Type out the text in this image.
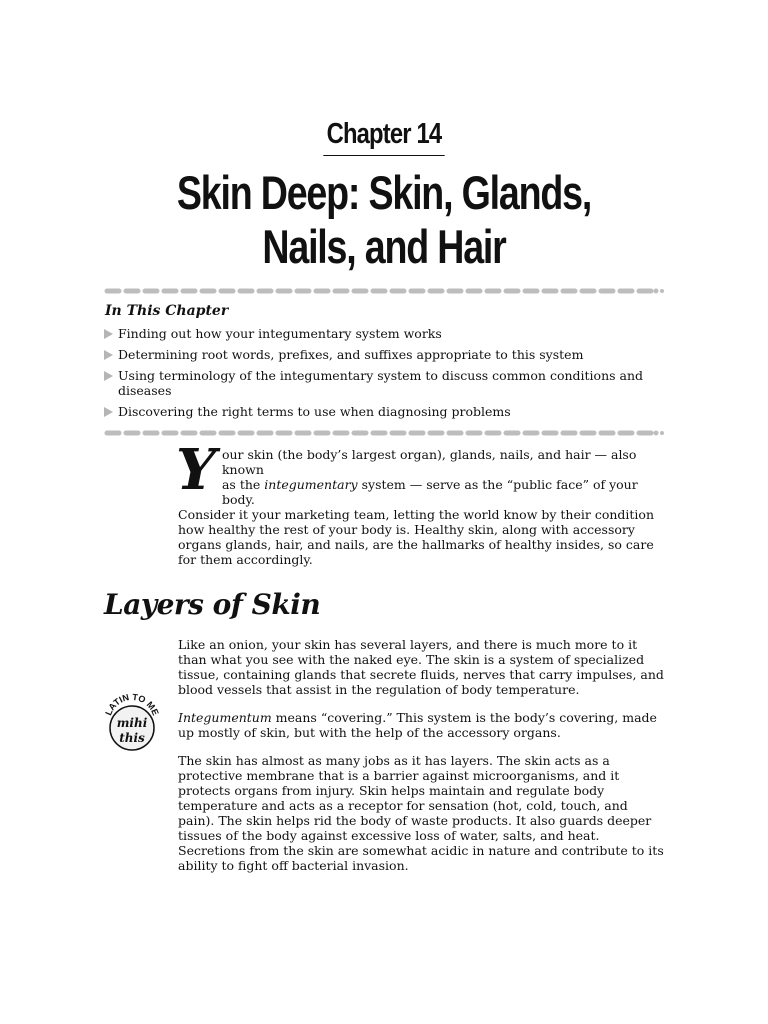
Chapter 14
Skin Deep: Skin, Glands,
Nails, and Hair
In This Chapter
Finding out how your integumentary system works
Determining root words, prefixes, and suffixes appropriate to this system
Using terminology of the integumentary system to discuss common conditions and diseases
Discovering the right terms to use when diagnosing problems
Y our skin (the body’s largest organ), glands, nails, and hair — also known
as the integumentary system — serve as the “public face” of your body.
Consider it your marketing team, letting the world know by their condition how healthy the rest of your body is. Healthy skin, along with accessory organs glands, hair, and nails, are the hallmarks of healthy insides, so care for them accordingly.
Layers of Skin

Like an onion, your skin has several layers, and there is much more to it than what you see with the naked eye. The skin is a system of specialized tissue, containing glands that secrete fluids, nerves that carry impulses, and blood vessels that assist in the regulation of body temperature.

Integumentum means “covering.” This system is the body’s covering, made up mostly of skin, but with the help of the accessory organs.

The skin has almost as many jobs as it has layers. The skin acts as a protective membrane that is a barrier against microorganisms, and it protects organs from injury. Skin helps maintain and regulate body temperature and acts as a receptor for sensation (hot, cold, touch, and pain). The skin helps rid the body of waste products. It also guards deeper tissues of the body against excessive loss of water, salts, and heat. Secretions from the skin are somewhat acidic in nature and contribute to its ability to fight off bacterial invasion.

LATIN TO ME
mihi
this
